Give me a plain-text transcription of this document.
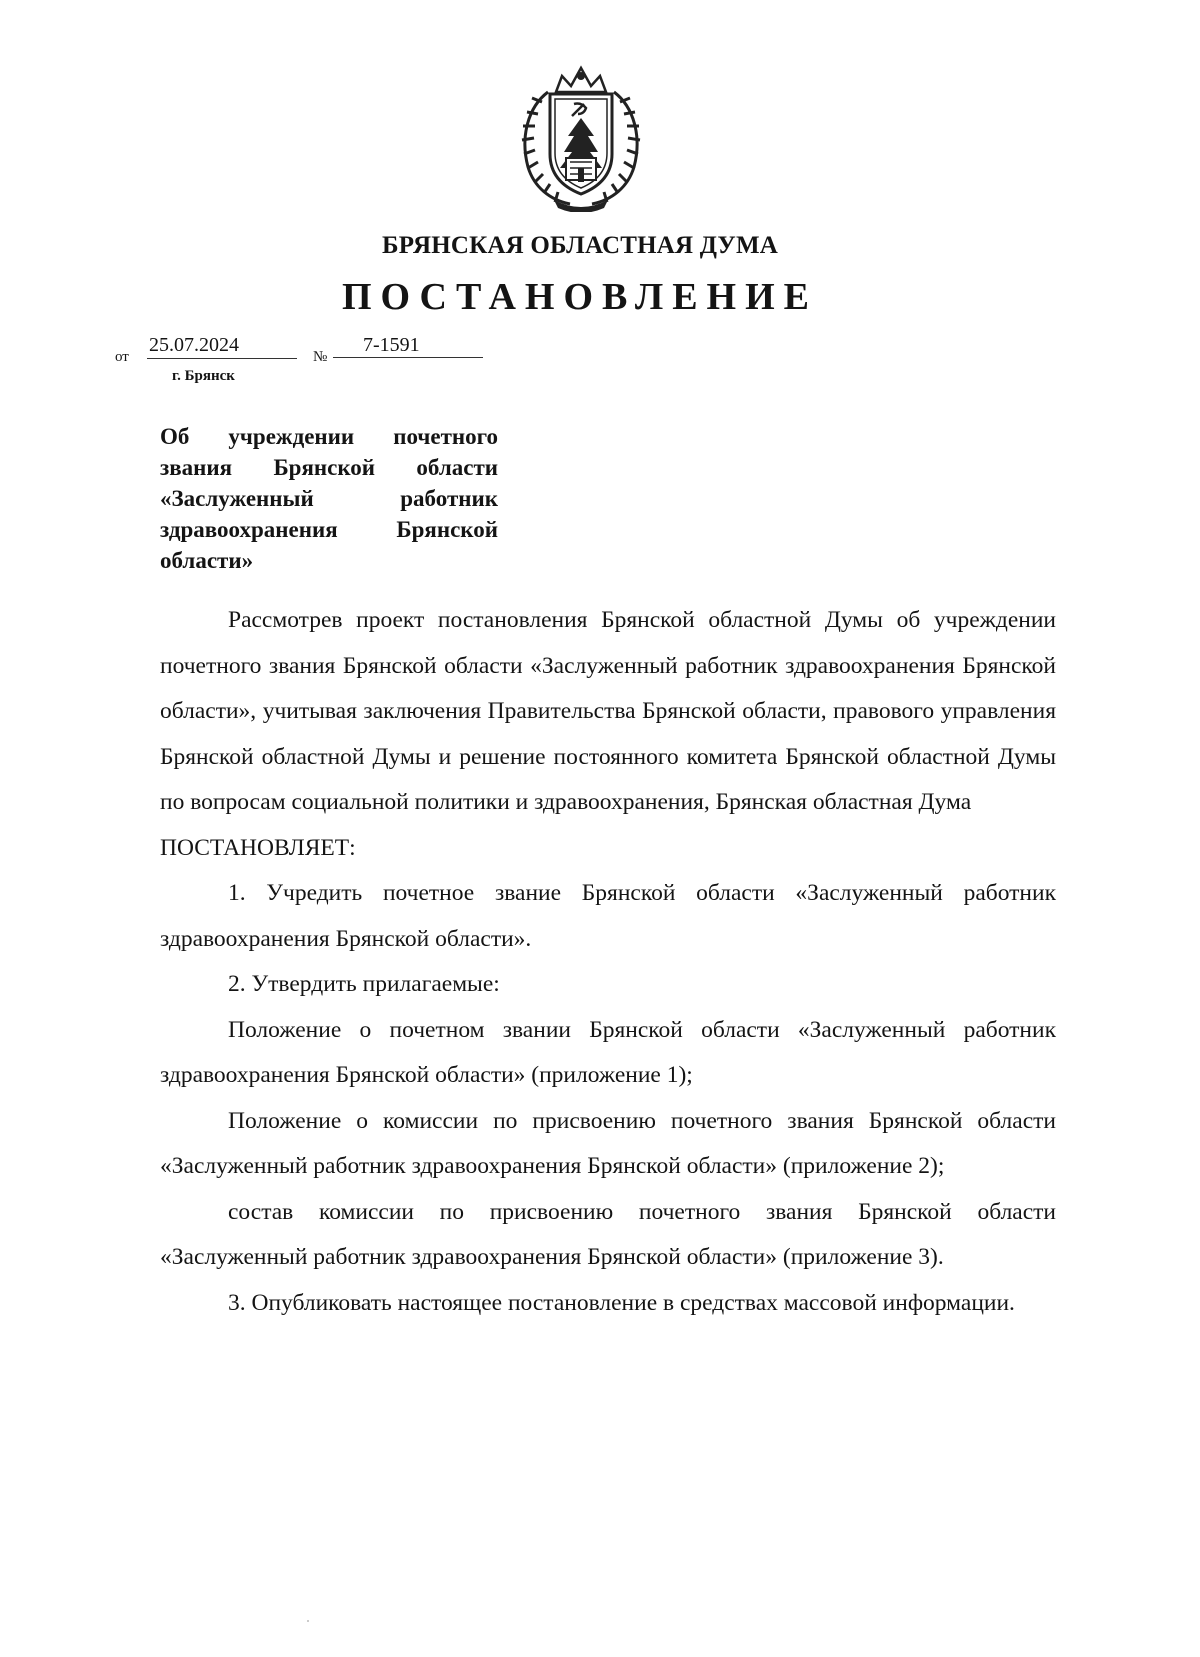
БРЯНСКАЯ ОБЛАСТНАЯ ДУМА
ПОСТАНОВЛЕНИЕ
от
25.07.2024
№
7-1591
г. Брянск
Об учреждении почетного звания Брянской области «Заслуженный работник здравоохранения Брянской области»

Рассмотрев проект постановления Брянской областной Думы об учреждении почетного звания Брянской области «Заслуженный работник здравоохранения Брянской области», учитывая заключения Правительства Брянской области, правового управления Брянской областной Думы и решение постоянного комитета Брянской областной Думы по вопросам социальной политики и здравоохранения, Брянская областная Дума

ПОСТАНОВЛЯЕТ:

1. Учредить почетное звание Брянской области «Заслуженный работник здравоохранения Брянской области».

2. Утвердить прилагаемые:

Положение о почетном звании Брянской области «Заслуженный работник здравоохранения Брянской области» (приложение 1);

Положение о комиссии по присвоению почетного звания Брянской области «Заслуженный работник здравоохранения Брянской области» (приложение 2);

состав комиссии по присвоению почетного звания Брянской области «Заслуженный работник здравоохранения Брянской области» (приложение 3).

3. Опубликовать настоящее постановление в средствах массовой информации.
